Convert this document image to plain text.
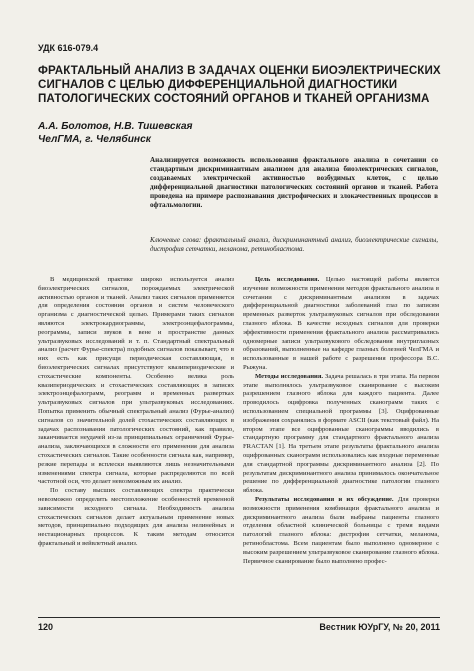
УДК 616-079.4
ФРАКТАЛЬНЫЙ АНАЛИЗ В ЗАДАЧАХ ОЦЕНКИ БИОЭЛЕКТРИЧЕСКИХ СИГНАЛОВ С ЦЕЛЬЮ ДИФФЕРЕНЦИАЛЬНОЙ ДИАГНОСТИКИ ПАТОЛОГИЧЕСКИХ СОСТОЯНИЙ ОРГАНОВ И ТКАНЕЙ ОРГАНИЗМА
А.А. Болотов, Н.В. Тишевская
ЧелГМА, г. Челябинск
Анализируется возможность использования фрактального анализа в сочетании со стандартным дискриминантным анализом для анализа биоэлектрических сигналов, создаваемых электрической активностью возбудимых клеток, с целью дифференциальной диагностики патологических состояний органов и тканей. Работа проведена на примере распознавания дистрофических и злокачественных процессов в офтальмологии.
Ключевые слова: фрактальный анализ, дискриминантный анализ, биоэлектрические сигналы, дистрофия сетчатки, меланома, ретинобластома.

В медицинской практике широко используется анализ биоэлектрических сигналов, порождаемых электрической активностью органов и тканей. Анализ таких сигналов применяется для определения состояния органов и систем человеческого организма с диагностической целью. Примерами таких сигналов являются электрокардиограммы, электроэнцефалограммы, реограммы, записи звуков в вене и пространстве данных ультразвуковых исследований и т. п. Стандартный спектральный анализ (расчет Фурье-спектра) подобных сигналов показывает, что в них есть как присущи периодическая составляющая, в биоэлектрических сигналах присутствуют квазипериодические и стохастические компоненты. Особенно велика роль квазипериодических и стохастических составляющих в записях электроэнцефалограмм, реограмм и временных развертках ультразвуковых сигналов при ультразвуковых исследованиях. Попытка применить обычный спектральный анализ (Фурье-анализ) сигналов со значительной долей стохастических составляющих в задачах распознавания патологических состояний, как правило, заканчивается неудачей из-за принципиальных ограничений Фурье-анализа, заключающихся в сложности его применения для анализа стохастических сигналов. Такие особенности сигнала как, например, резкие перепады и всплески выявляются лишь незначительными изменениями спектра сигнала, которые распределяются по всей частотной оси, что делает невозможным их анализ.

По составу высших составляющих спектра практически невозможно определить местоположение особенностей временной зависимости исходного сигнала. Необходимость анализа стохастических сигналов делает актуальным применение новых методов, принципиально подходящих для анализа нелинейных и нестационарных процессов. К таким методам относится фрактальный и вейвлетный анализ.

Цель исследования. Целью настоящей работы является изучение возможности применения методов фрактального анализа в сочетании с дискриминантным анализом в задачах дифференциальной диагностики заболеваний глаз по записям временных разверток ультразвуковых сигналов при обследовании глазного яблока. В качестве исходных сигналов для проверки эффективности применения фрактального анализа рассматривались одномерные записи ультразвукового обследования внутриглазных образований, выполненные на кафедре глазных болезней ЧелГМА и использованные в нашей работе с разрешения профессора В.С. Рыжуна.

Методы исследования. Задача решалась в три этапа. На первом этапе выполнялось ультразвуковое сканирование с высоким разрешением глазного яблока для каждого пациента. Далее проводилось оцифровка полученных сканограмм таких с использованием специальной программы [3]. Оцифрованные изображения сохранялись в формате ASCII (как текстовый файл). На втором этапе все оцифрованные сканограммы вводились в стандартную программу для стандартного фрактального анализа FRACTAN [1]. На третьем этапе результаты фрактального анализа оцифрованных сканограмм использовались как входные переменные для стандартной программы дискриминантного анализа [2]. По результатам дискриминантного анализа принималось окончательное решение по дифференциальной диагностике патологии глазного яблока.

Результаты исследования и их обсуждение. Для проверки возможности применения комбинации фрактального анализа и дискриминантного анализа были выбраны пациенты глазного отделения областной клинической больницы с тремя видами патологий глазного яблока: дистрофия сетчатки, меланома, ретинобластома. Всем пациентам было выполнено одномерное с высоким разрешением ультразвуковое сканирование глазного яблока. Первичное сканирование было выполнено профес-

120	Вестник ЮУрГУ, № 20, 2011
